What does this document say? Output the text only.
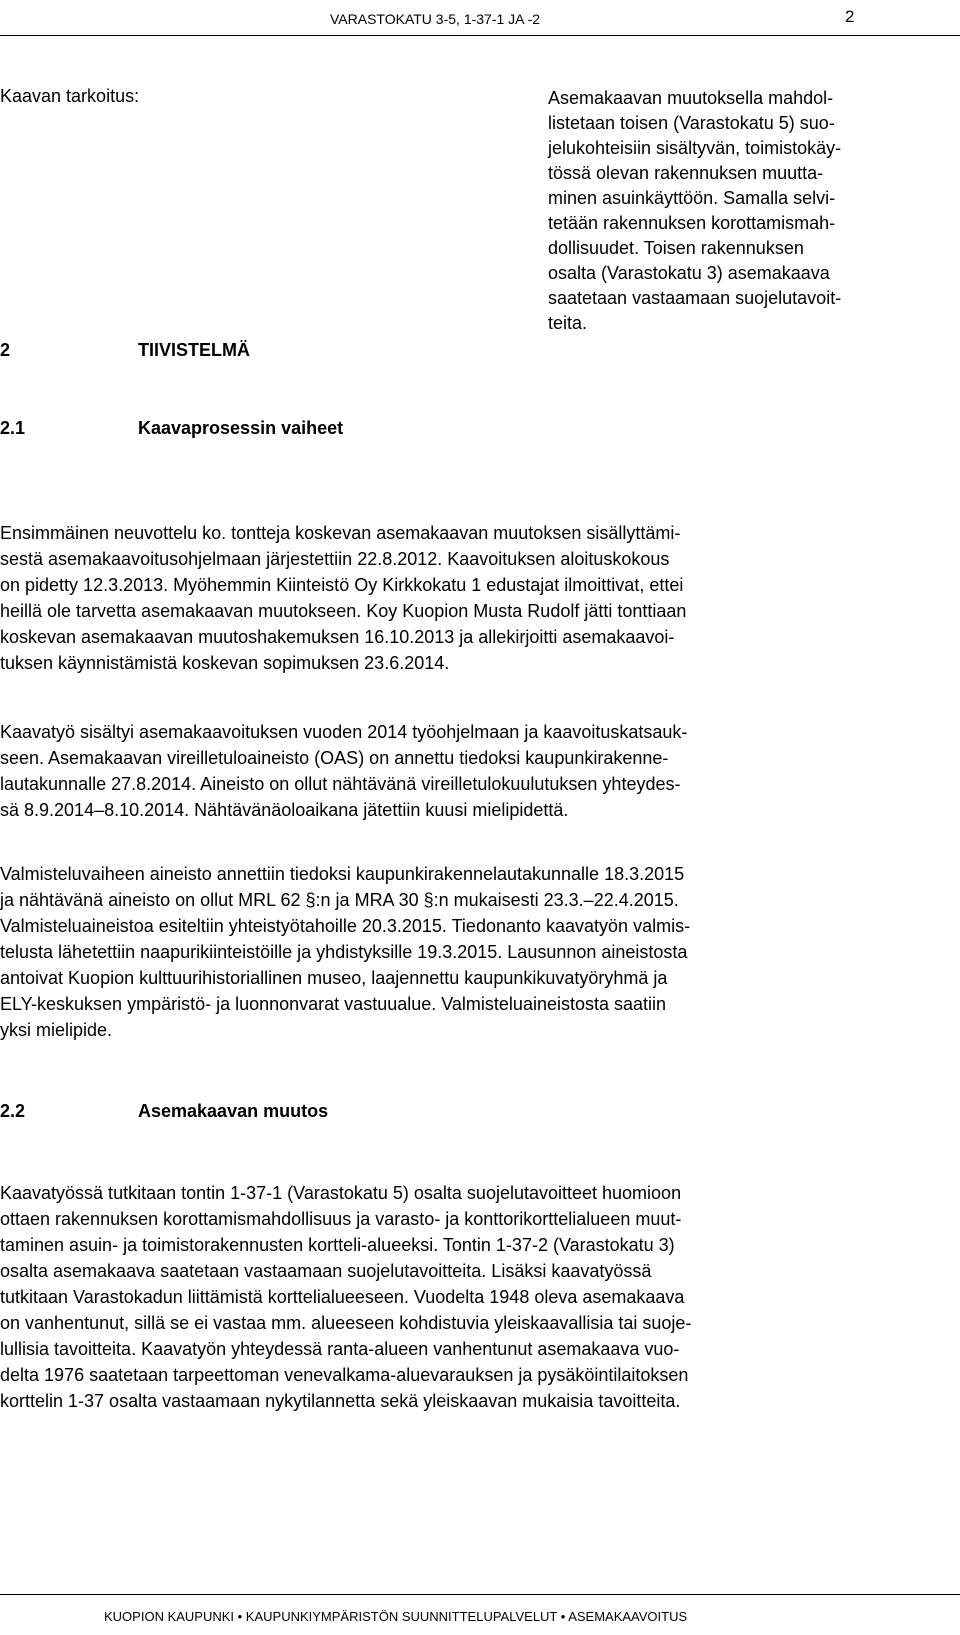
VARASTOKATU 3-5, 1-37-1 JA -2	2
Kaavan tarkoitus:	Asemakaavan muutoksella mahdol-
listetaan toisen (Varastokatu 5) suo-
jelukohteisiin sisältyvän, toimistokäy-
tössä olevan rakennuksen muutta-
minen asuinkäyttöön. Samalla selvi-
tetään rakennuksen korottamismah-
dollisuudet. Toisen rakennuksen
osalta (Varastokatu 3) asemakaava
saatetaan vastaamaan suojelutavoit-
teita.
2	TIIVISTELMÄ
2.1	Kaavaprosessin vaiheet
Ensimmäinen neuvottelu ko. tontteja koskevan asemakaavan muutoksen sisällyttämi-
sestä asemakaavoitusohjelmaan järjestettiin 22.8.2012. Kaavoituksen aloituskokous
on pidetty 12.3.2013. Myöhemmin Kiinteistö Oy Kirkkokatu 1 edustajat ilmoittivat, ettei
heillä ole tarvetta asemakaavan muutokseen. Koy Kuopion Musta Rudolf jätti tonttiaan
koskevan asemakaavan muutoshakemuksen 16.10.2013 ja allekirjoitti asemakaavoi-
tuksen käynnistämistä koskevan sopimuksen 23.6.2014.
Kaavatyö sisältyi asemakaavoituksen vuoden 2014 työohjelmaan ja kaavoituskatsauk-
seen. Asemakaavan vireilletuloaineisto (OAS) on annettu tiedoksi kaupunkirakenne-
lautakunnalle 27.8.2014. Aineisto on ollut nähtävänä vireilletulokuulutuksen yhteydes-
sä 8.9.2014–8.10.2014. Nähtävänäoloaikana jätettiin kuusi mielipidettä.
Valmisteluvaiheen aineisto annettiin tiedoksi kaupunkirakennelautakunnalle 18.3.2015
ja nähtävänä aineisto on ollut MRL 62 §:n ja MRA 30 §:n mukaisesti 23.3.–22.4.2015.
Valmisteluaineistoa esiteltiin yhteistyötahoille 20.3.2015. Tiedonanto kaavatyön valmis-
telusta lähetettiin naapurikiinteistöille ja yhdistyksille 19.3.2015. Lausunnon aineistosta
antoivat Kuopion kulttuurihistoriallinen museo, laajennettu kaupunkikuvatyöryhmä ja
ELY-keskuksen ympäristö- ja luonnonvarat vastuualue. Valmisteluaineistosta saatiin
yksi mielipide.
2.2	Asemakaavan muutos
Kaavatyössä tutkitaan tontin 1-37-1 (Varastokatu 5) osalta suojelutavoitteet huomioon
ottaen rakennuksen korottamismahdollisuus ja varasto- ja konttorikorttelialueen muut-
taminen asuin- ja toimistorakennusten kortteli-alueeksi. Tontin 1-37-2 (Varastokatu 3)
osalta asemakaava saatetaan vastaamaan suojelutavoitteita. Lisäksi kaavatyössä
tutkitaan Varastokadun liittämistä korttelialueeseen. Vuodelta 1948 oleva asemakaava
on vanhentunut, sillä se ei vastaa mm. alueeseen kohdistuvia yleiskaavallisia tai suoje-
lullisia tavoitteita. Kaavatyön yhteydessä ranta-alueen vanhentunut asemakaava vuo-
delta 1976 saatetaan tarpeettoman venevalkama-aluevarauksen ja pysäköintilaitoksen
korttelin 1-37 osalta vastaamaan nykytilannetta sekä yleiskaavan mukaisia tavoitteita.
KUOPION KAUPUNKI • KAUPUNKIYMPÄRISTÖN SUUNNITTELUPALVELUT • ASEMAKAAVOITUS
